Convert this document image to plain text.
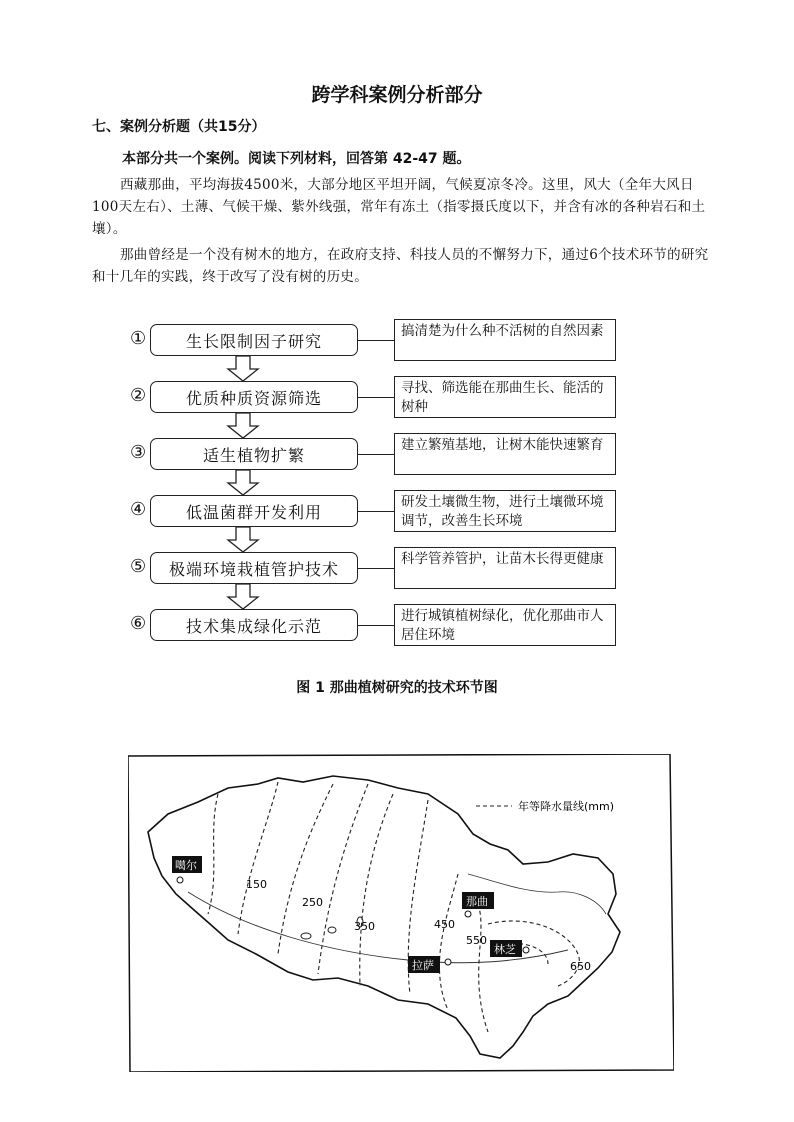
跨学科案例分析部分
七、案例分析题（共15分）
本部分共一个案例。阅读下列材料，回答第 42-47 题。
西藏那曲，平均海拔4500米，大部分地区平坦开阔，气候夏凉冬冷。这里，风大（全年大风日100天左右）、土薄、气候干燥、紫外线强，常年有冻土（指零摄氏度以下，并含有冰的各种岩石和土壤）。
那曲曾经是一个没有树木的地方，在政府支持、科技人员的不懈努力下，通过6个技术环节的研究和十几年的实践，终于改写了没有树的历史。
①	生长限制因子研究
搞清楚为什么种不活树的自然因素
②	优质种质资源筛选
寻找、筛选能在那曲生长、能活的树种
③	适生植物扩繁
建立繁殖基地，让树木能快速繁育
④	低温菌群开发利用
研发土壤微生物，进行土壤微环境调节，改善生长环境
⑤	极端环境栽植管护技术
科学管养管护，让苗木长得更健康
⑥	技术集成绿化示范
进行城镇植树绿化，优化那曲市人居住环境
图 1 那曲植树研究的技术环节图
150
250
350	450
550
650
年等降水量线(mm)
噶尔
那曲
拉萨
林芝
